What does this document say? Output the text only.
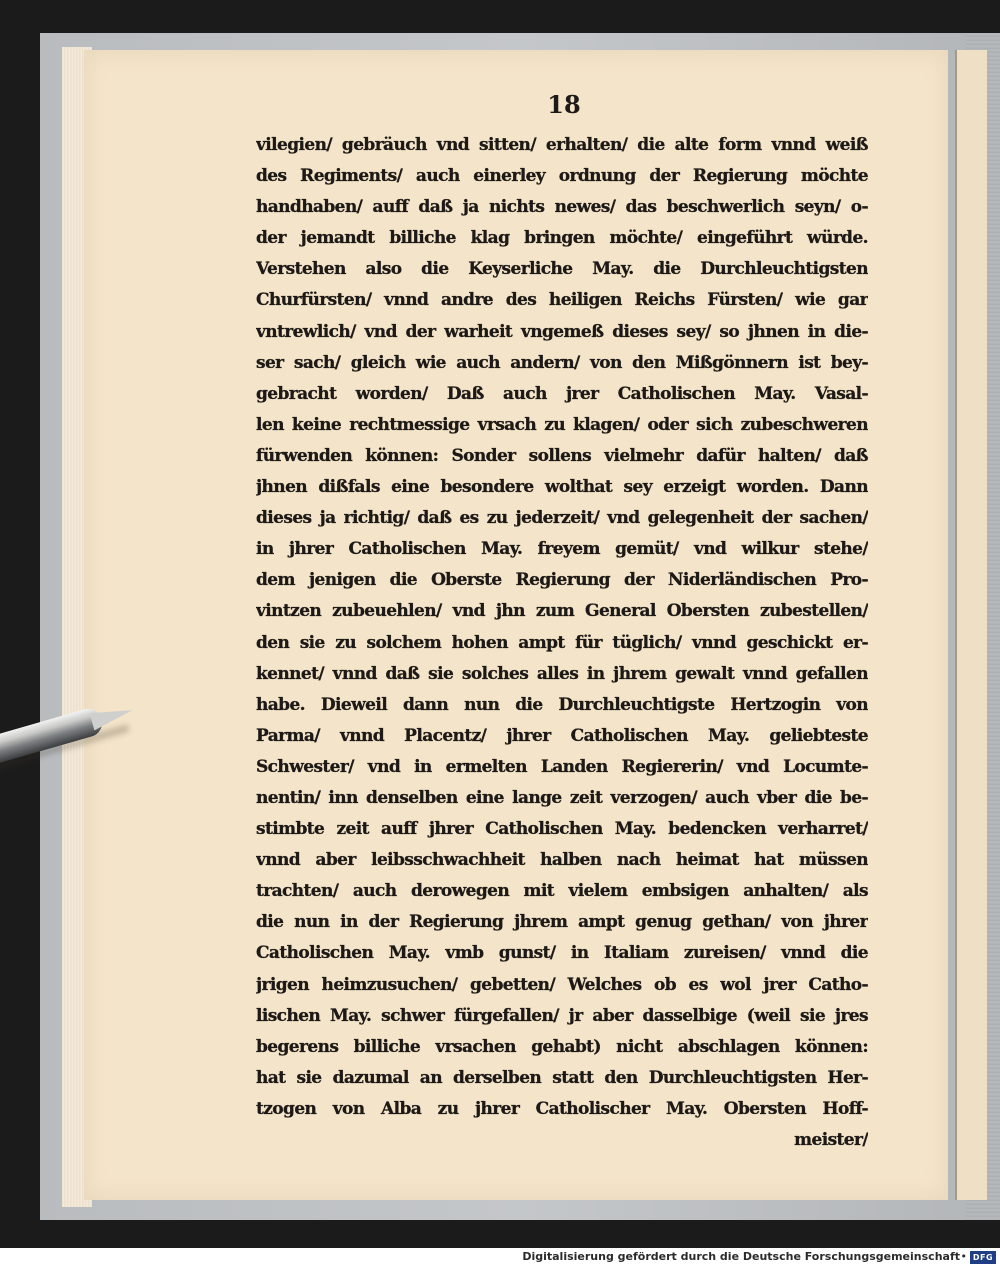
18

vilegien/ gebräuch vnd sitten/ erhalten/ die alte form vnnd weiß
des Regiments/ auch einerley ordnung der Regierung möchte
handhaben/ auff daß ja nichts newes/ das beschwerlich seyn/ o-
der jemandt billiche klag bringen möchte/ eingeführt würde.
Verstehen also die Keyserliche May. die Durchleuchtigsten
Churfürsten/ vnnd andre des heiligen Reichs Fürsten/ wie gar
vntrewlich/ vnd der warheit vngemeß dieses sey/ so jhnen in die-
ser sach/ gleich wie auch andern/ von den Mißgönnern ist bey-
gebracht worden/ Daß auch jrer Catholischen May. Vasal-
len keine rechtmessige vrsach zu klagen/ oder sich zubeschweren
fürwenden können: Sonder sollens vielmehr dafür halten/ daß
jhnen dißfals eine besondere wolthat sey erzeigt worden. Dann
dieses ja richtig/ daß es zu jederzeit/ vnd gelegenheit der sachen/
in jhrer Catholischen May. freyem gemüt/ vnd wilkur stehe/
dem jenigen die Oberste Regierung der Niderländischen Pro-
vintzen zubeuehlen/ vnd jhn zum General Obersten zubestellen/
den sie zu solchem hohen ampt für tüglich/ vnnd geschickt er-
kennet/ vnnd daß sie solches alles in jhrem gewalt vnnd gefallen
habe. Dieweil dann nun die Durchleuchtigste Hertzogin von
Parma/ vnnd Placentz/ jhrer Catholischen May. geliebteste
Schwester/ vnd in ermelten Landen Regiererin/ vnd Locumte-
nentin/ inn denselben eine lange zeit verzogen/ auch vber die be-
stimbte zeit auff jhrer Catholischen May. bedencken verharret/
vnnd aber leibsschwachheit halben nach heimat hat müssen
trachten/ auch derowegen mit vielem embsigen anhalten/ als
die nun in der Regierung jhrem ampt genug gethan/ von jhrer
Catholischen May. vmb gunst/ in Italiam zureisen/ vnnd die
jrigen heimzusuchen/ gebetten/ Welches ob es wol jrer Catho-
lischen May. schwer fürgefallen/ jr aber dasselbige (weil sie jres
begerens billiche vrsachen gehabt) nicht abschlagen können:
hat sie dazumal an derselben statt den Durchleuchtigsten Her-
tzogen von Alba zu jhrer Catholischer May. Obersten Hoff-
meister/

Digitalisierung gefördert durch die Deutsche Forschungsgemeinschaft • DFG
